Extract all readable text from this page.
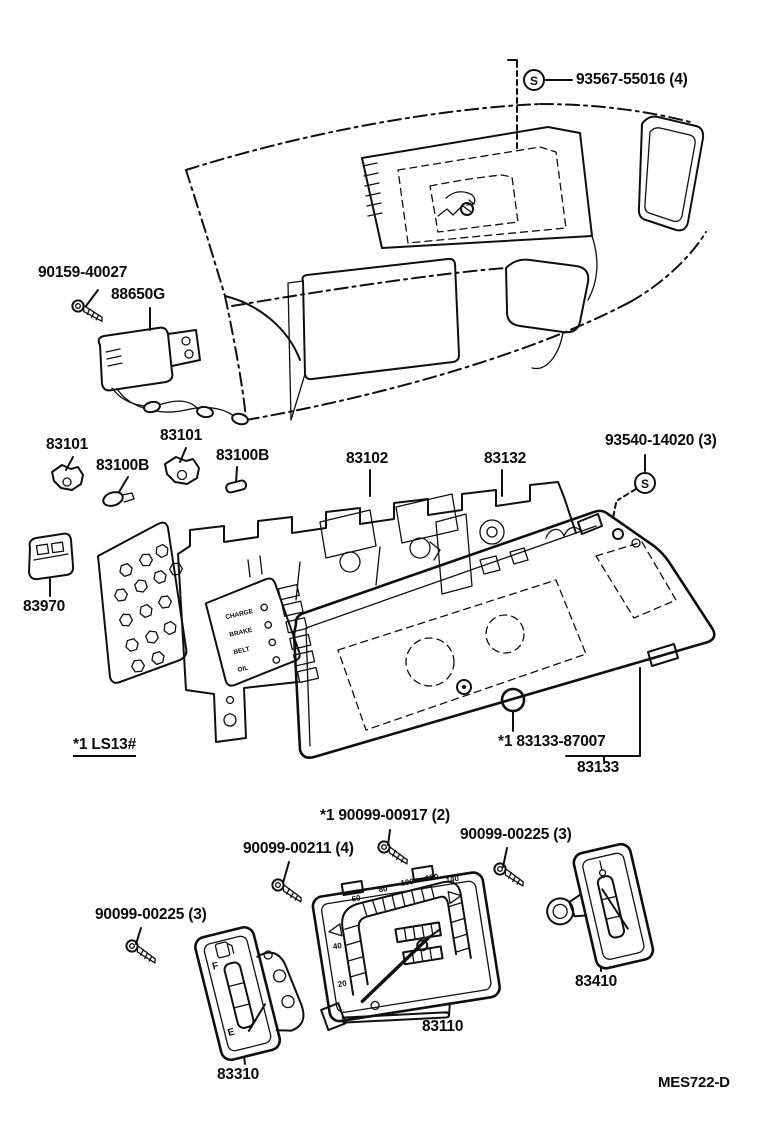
S
CHARGE
BRAKE
BELT
OIL
S
F
E
20
40
60
80
100 120 140
93567-55016 (4)
90159-40027
88650G
83101
83100B
83101
83100B	83102	83132
93540-14020 (3)
83970
*1 LS13#	*1 83133-87007
83133
*1 90099-00917 (2)
90099-00211 (4)
90099-00225 (3)
90099-00225 (3)
83410
83110
83310	MES722-D
